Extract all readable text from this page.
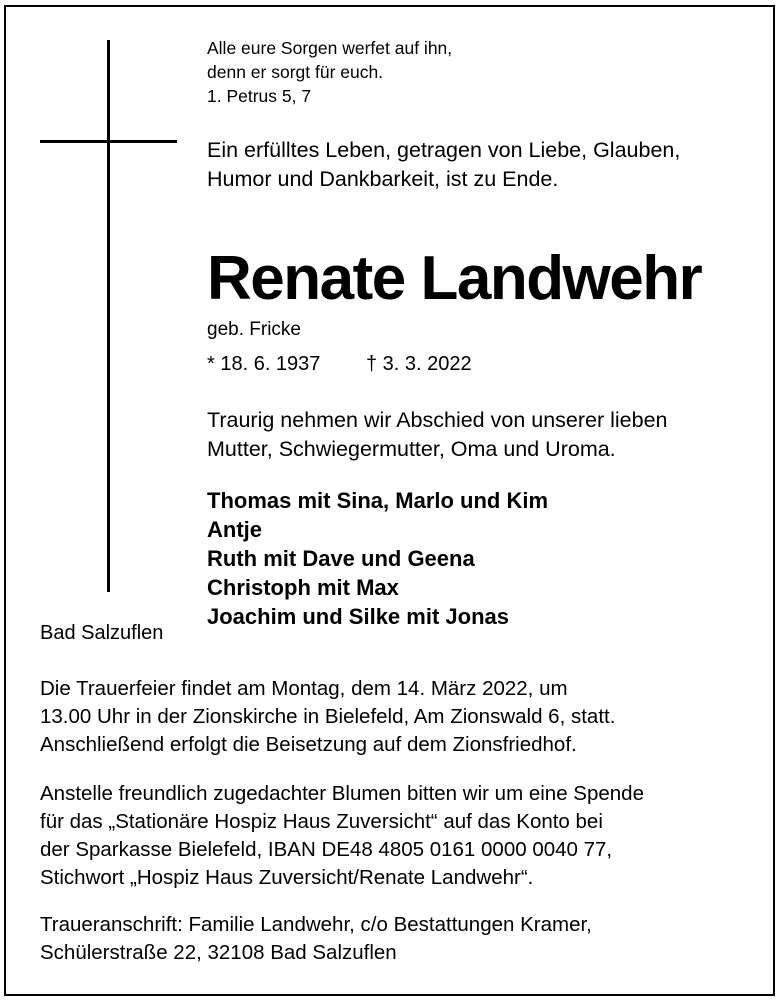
Alle eure Sorgen werfet auf ihn,
denn er sorgt für euch.
1. Petrus 5, 7

Ein erfülltes Leben, getragen von Liebe, Glauben,
Humor und Dankbarkeit, ist zu Ende.

Renate Landwehr

geb. Fricke

* 18. 6. 1937 † 3. 3. 2022

Traurig nehmen wir Abschied von unserer lieben
Mutter, Schwiegermutter, Oma und Uroma.

Thomas mit Sina, Marlo und Kim
Antje
Ruth mit Dave und Geena
Christoph mit Max
Joachim und Silke mit Jonas

Bad Salzuflen

Die Trauerfeier findet am Montag, dem 14. März 2022, um
13.00 Uhr in der Zionskirche in Bielefeld, Am Zionswald 6, statt.
Anschließend erfolgt die Beisetzung auf dem Zionsfriedhof.

Anstelle freundlich zugedachter Blumen bitten wir um eine Spende
für das „Stationäre Hospiz Haus Zuversicht“ auf das Konto bei
der Sparkasse Bielefeld, IBAN DE48 4805 0161 0000 0040 77,
Stichwort „Hospiz Haus Zuversicht/Renate Landwehr“.

Traueranschrift: Familie Landwehr, c/o Bestattungen Kramer,
Schülerstraße 22, 32108 Bad Salzuflen
